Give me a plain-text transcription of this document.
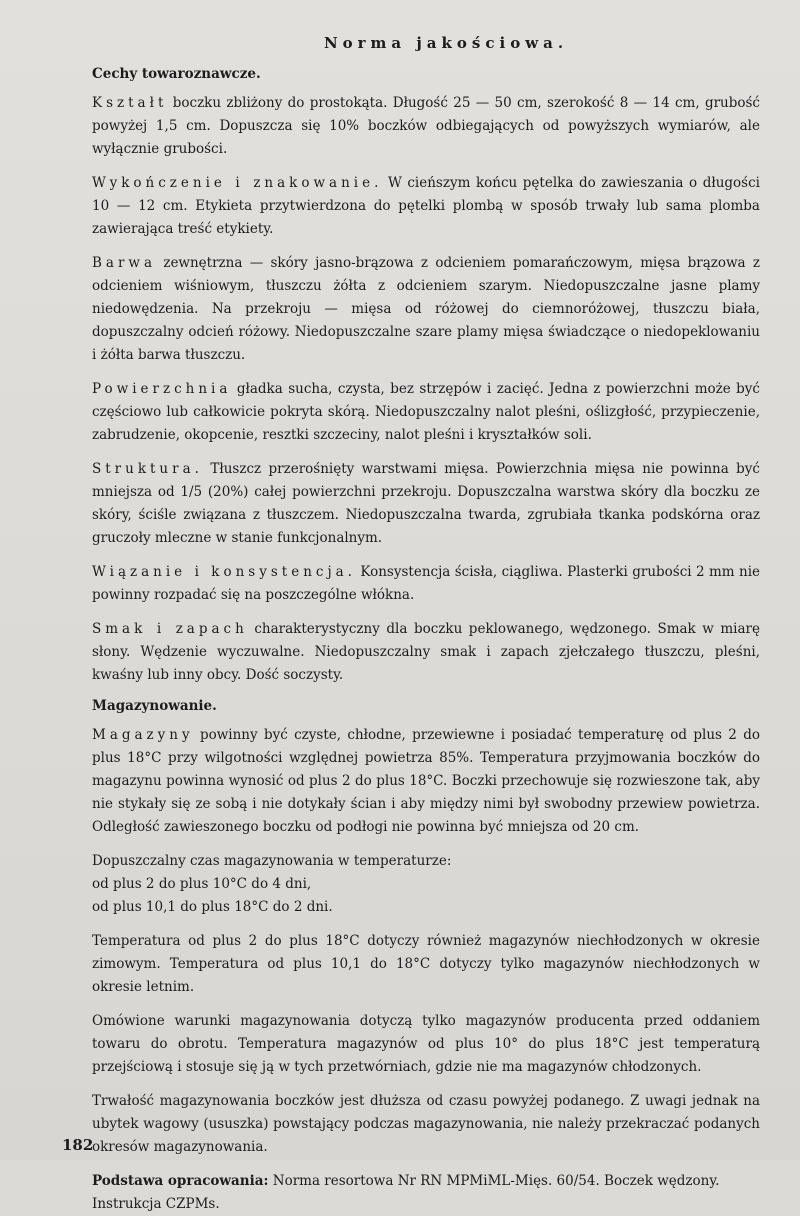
Norma jakościowa.
Cechy towaroznawcze.
Kształt boczku zbliżony do prostokąta. Długość 25 — 50 cm, szerokość 8 — 14 cm, grubość powyżej 1,5 cm. Dopuszcza się 10% boczków odbiegających od powyższych wymiarów, ale wyłącznie grubości.
Wykończenie i znakowanie. W cieńszym końcu pętelka do zawieszania o długości 10 — 12 cm. Etykieta przytwierdzona do pętelki plombą w sposób trwały lub sama plomba zawierająca treść etykiety.
Barwa zewnętrzna — skóry jasno-brązowa z odcieniem pomarańczowym, mięsa brązowa z odcieniem wiśniowym, tłuszczu żółta z odcieniem szarym. Niedopuszczalne jasne plamy niedowędzenia. Na przekroju — mięsa od różowej do ciemnoróżowej, tłuszczu biała, dopuszczalny odcień różowy. Niedopuszczalne szare plamy mięsa świadczące o niedopeklowaniu i żółta barwa tłuszczu.
Powierzchnia gładka sucha, czysta, bez strzępów i zacięć. Jedna z powierzchni może być częściowo lub całkowicie pokryta skórą. Niedopuszczalny nalot pleśni, oślizgłość, przypieczenie, zabrudzenie, okopcenie, resztki szczeciny, nalot pleśni i kryształków soli.
Struktura. Tłuszcz przerośnięty warstwami mięsa. Powierzchnia mięsa nie powinna być mniejsza od 1/5 (20%) całej powierzchni przekroju. Dopuszczalna warstwa skóry dla boczku ze skóry, ściśle związana z tłuszczem. Niedopuszczalna twarda, zgrubiała tkanka podskórna oraz gruczoły mleczne w stanie funkcjonalnym.
Wiązanie i konsystencja. Konsystencja ścisła, ciągliwa. Plasterki grubości 2 mm nie powinny rozpadać się na poszczególne włókna.
Smak i zapach charakterystyczny dla boczku peklowanego, wędzonego. Smak w miarę słony. Wędzenie wyczuwalne. Niedopuszczalny smak i zapach zjełczałego tłuszczu, pleśni, kwaśny lub inny obcy. Dość soczysty.
Magazynowanie.
Magazyny powinny być czyste, chłodne, przewiewne i posiadać temperaturę od plus 2 do plus 18°C przy wilgotności względnej powietrza 85%. Temperatura przyjmowania boczków do magazynu powinna wynosić od plus 2 do plus 18°C. Boczki przechowuje się rozwieszone tak, aby nie stykały się ze sobą i nie dotykały ścian i aby między nimi był swobodny przewiew powietrza. Odległość zawieszonego boczku od podłogi nie powinna być mniejsza od 20 cm.
Dopuszczalny czas magazynowania w temperaturze:
od plus 2 do plus 10°C do 4 dni,
od plus 10,1 do plus 18°C do 2 dni.
Temperatura od plus 2 do plus 18°C dotyczy również magazynów niechłodzonych w okresie zimowym. Temperatura od plus 10,1 do 18°C dotyczy tylko magazynów niechłodzonych w okresie letnim.
Omówione warunki magazynowania dotyczą tylko magazynów producenta przed oddaniem towaru do obrotu. Temperatura magazynów od plus 10° do plus 18°C jest temperaturą przejściową i stosuje się ją w tych przetwórniach, gdzie nie ma magazynów chłodzonych.
Trwałość magazynowania boczków jest dłuższa od czasu powyżej podanego. Z uwagi jednak na ubytek wagowy (ususzka) powstający podczas magazynowania, nie należy przekraczać podanych okresów magazynowania.
Podstawa opracowania: Norma resortowa Nr RN MPMiML-Mięs. 60/54. Boczek wędzony. Instrukcja CZPMs.
182
